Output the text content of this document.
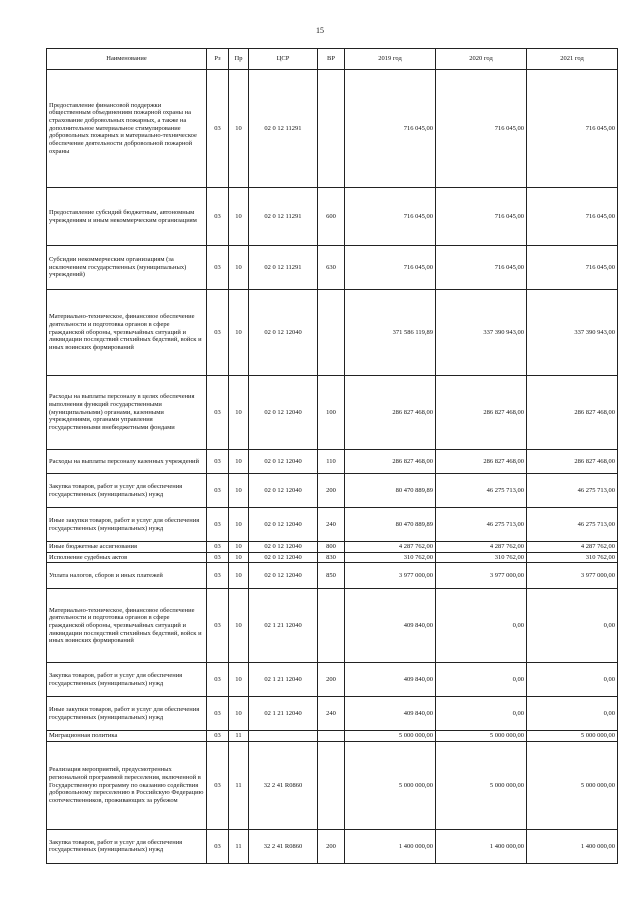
15
Наименование	Рз	Пр	ЦСР	ВР	2019 год	2020 год	2021 год
Предоставление финансовой поддержки общественным объединениям пожарной охраны на страхование добровольных пожарных, а также на дополнительное материальное стимулирование добровольных пожарных и материально-техническое обеспечение деятельности добровольной пожарной охраны	03	10	02 0 12 11291		716 045,00	716 045,00	716 045,00
Предоставление субсидий бюджетным, автономным учреждениям и иным некоммерческим организациям	03	10	02 0 12 11291	600	716 045,00	716 045,00	716 045,00
Субсидии некоммерческим организациям (за исключением государственных (муниципальных) учреждений)	03	10	02 0 12 11291	630	716 045,00	716 045,00	716 045,00
Материально-техническое, финансовое обеспечение деятельности и подготовка органов в сфере гражданской обороны, чрезвычайных ситуаций и ликвидации последствий стихийных бедствий, войск и иных воинских формирований	03	10	02 0 12 12040		371 586 119,89	337 390 943,00	337 390 943,00
Расходы на выплаты персоналу в целях обеспечения выполнения функций государственными (муниципальными) органами, казенными учреждениями, органами управления государственными внебюджетными фондами	03	10	02 0 12 12040	100	286 827 468,00	286 827 468,00	286 827 468,00
Расходы на выплаты персоналу казенных учреждений	03	10	02 0 12 12040	110	286 827 468,00	286 827 468,00	286 827 468,00
Закупка товаров, работ и услуг для обеспечения государственных (муниципальных) нужд	03	10	02 0 12 12040	200	80 470 889,89	46 275 713,00	46 275 713,00
Иные закупки товаров, работ и услуг для обеспечения государственных (муниципальных) нужд	03	10	02 0 12 12040	240	80 470 889,89	46 275 713,00	46 275 713,00
Иные бюджетные ассигнования	03	10	02 0 12 12040	800	4 287 762,00	4 287 762,00	4 287 762,00
Исполнение судебных актов	03	10	02 0 12 12040	830	310 762,00	310 762,00	310 762,00
Уплата налогов, сборов и иных платежей	03	10	02 0 12 12040	850	3 977 000,00	3 977 000,00	3 977 000,00
Материально-техническое, финансовое обеспечение деятельности и подготовка органов в сфере гражданской обороны, чрезвычайных ситуаций и ликвидации последствий стихийных бедствий, войск и иных воинских формирований	03	10	02 1 21 12040		409 840,00	0,00	0,00
Закупка товаров, работ и услуг для обеспечения государственных (муниципальных) нужд	03	10	02 1 21 12040	200	409 840,00	0,00	0,00
Иные закупки товаров, работ и услуг для обеспечения государственных (муниципальных) нужд	03	10	02 1 21 12040	240	409 840,00	0,00	0,00
Миграционная политика	03	11			5 000 000,00	5 000 000,00	5 000 000,00
Реализация мероприятий, предусмотренных региональной программой переселения, включенной в Государственную программу по оказанию содействия добровольному переселению в Российскую Федерацию соотечественников, проживающих за рубежом	03	11	32 2 41 R0860		5 000 000,00	5 000 000,00	5 000 000,00
Закупка товаров, работ и услуг для обеспечения государственных (муниципальных) нужд	03	11	32 2 41 R0860	200	1 400 000,00	1 400 000,00	1 400 000,00
